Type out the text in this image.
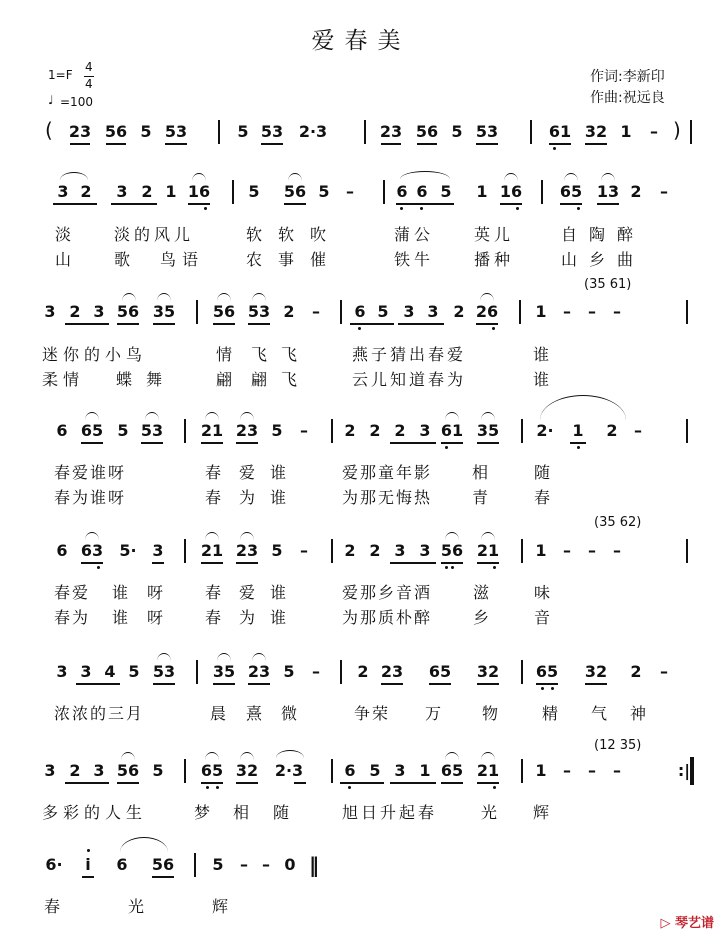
爱春美
1=F
4
4
♩ =100
作词:李新印
作曲:祝远良
( 23 56 5 53	5 53 2·3	23 56 5 53	61 32 1 – )
3 2 3 2 1 16 5 56 5 –	6 6 5 1 16 65 13 2 –
淡	淡的风儿	软软吹	蒲公 英儿	自陶醉
山	歌 鸟语	农事催	铁牛 播种	山乡曲
(35 61)
3 2 3 56 35 56 53 2 – 6 5 3 3 2 26 1 – – –
迷你的小鸟	情 飞 飞	燕子猜出春爱	谁
柔情 蝶舞 翩 翩 飞	云儿知道春为	谁
6 65 5 53 21 23 5 – 2 2 2 3 61 35 2· 1 2 –
春爱谁呀	春 爱 谁	爱那童年影 相	随
春为谁呀	春 为 谁	为那无悔热 青	春
(35 62)
6 63 5· 3 21 23 5 – 2 2 3 3 56 21 1 – – –
春爱 谁 呀	春 爱 谁	爱那乡音酒	滋	味
春为 谁 呀	春 为 谁	为那质朴醉	乡	音
3 3 4 5 53 35 23 5 – 2 23 65 32 65 32 2 –
浓浓的三月	晨 熹 微	争荣 万	物	精 气 神
(12 35)
3 2 3 56 5 65 32 2·3	6 5 3 1 65 21 1 – – –	:|
多彩的人生	梦 相 随	旭日升起春	光 辉
6· i 6 56 5 – – 0 ‖
春	光	辉
▷ 琴艺谱
